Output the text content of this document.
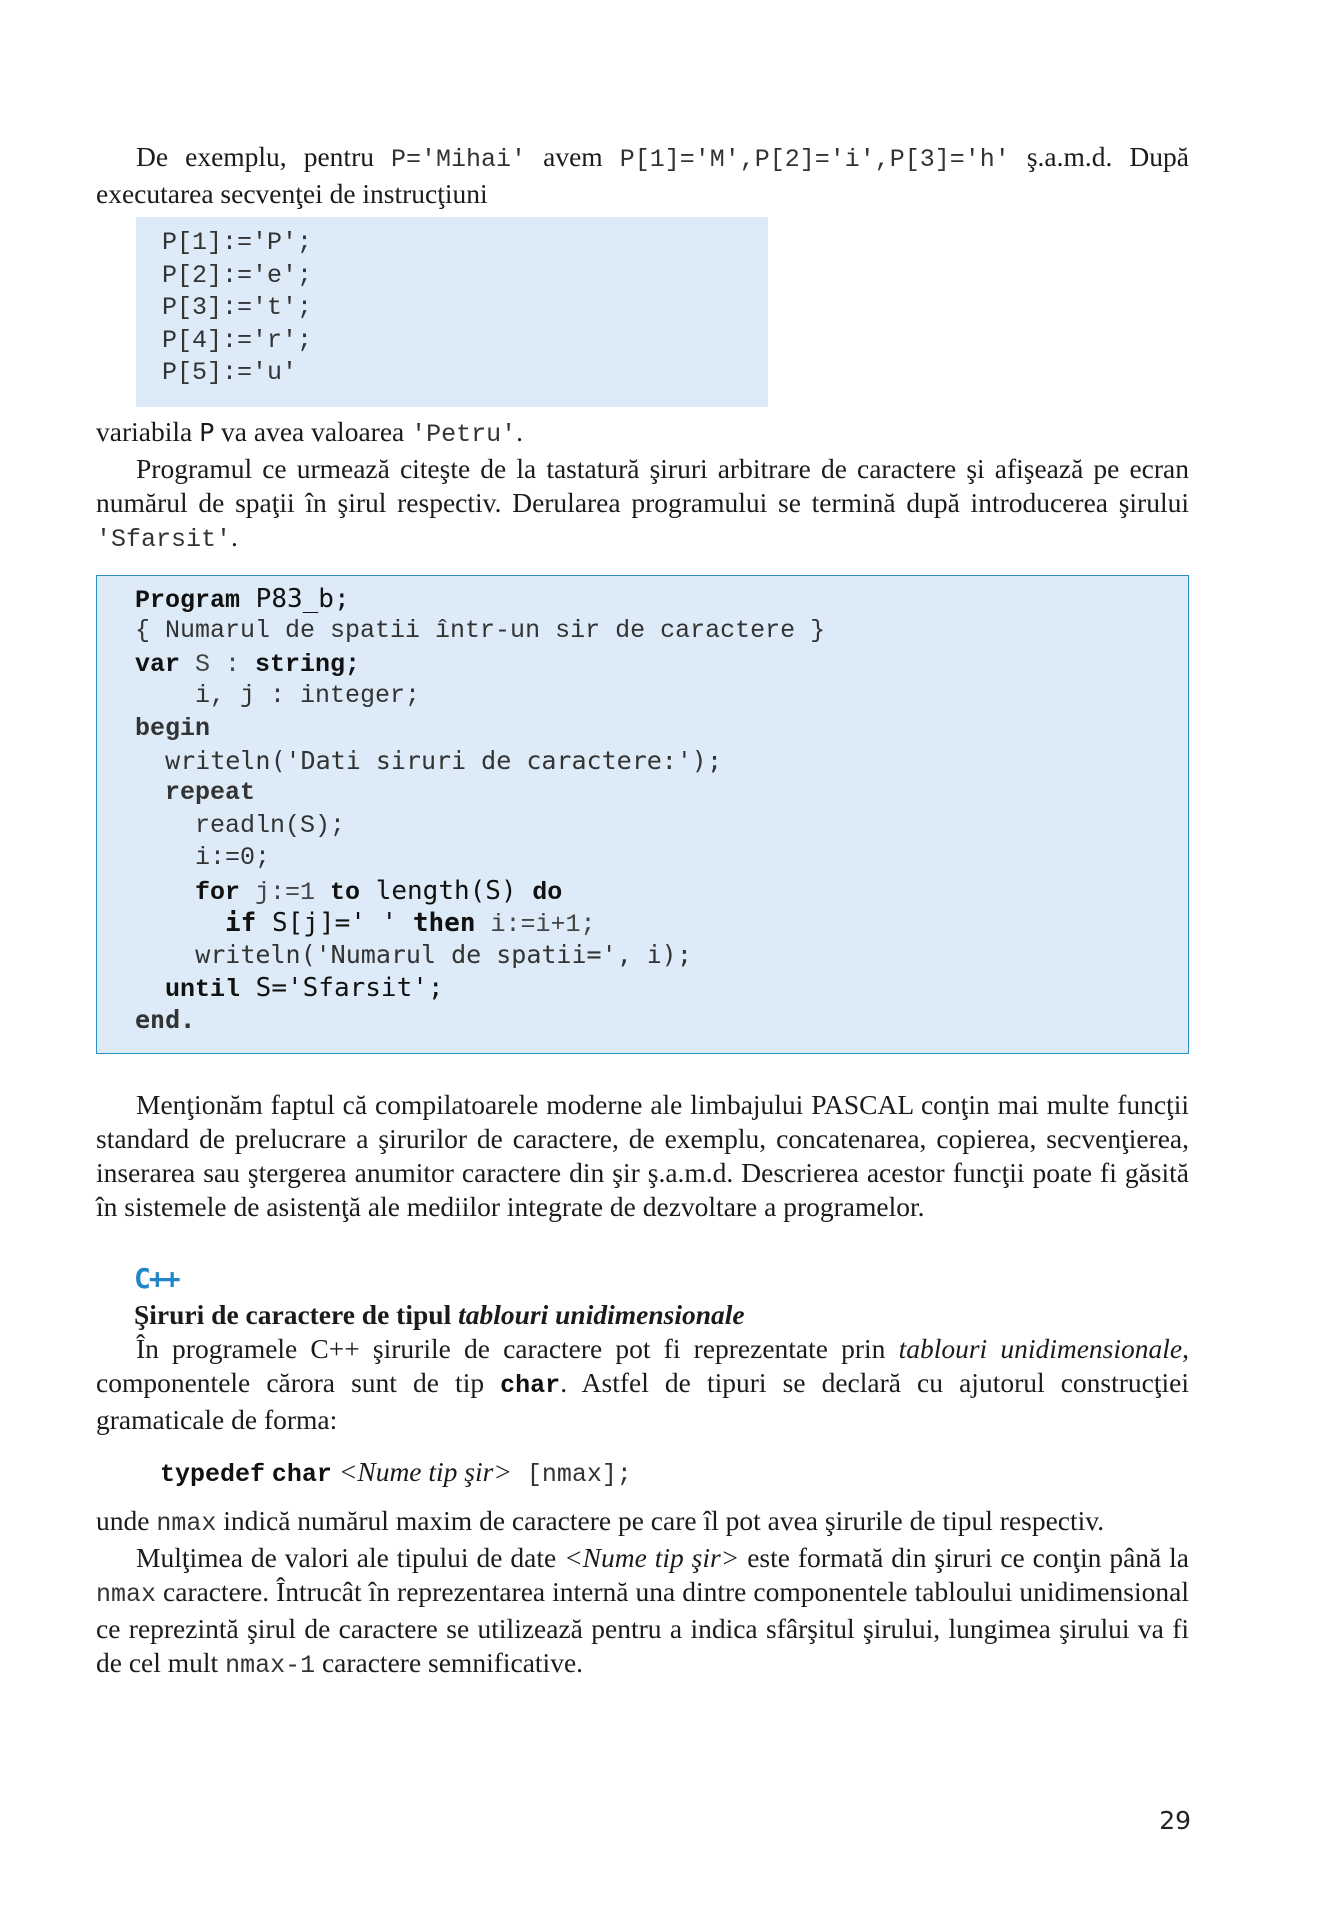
De exemplu, pentru P='Mihai' avem P[1]='M',P[2]='i',P[3]='h' ş.a.m.d. După executarea secvenţei de instrucţiuni

P[1]:='P';
P[2]:='e';
P[3]:='t';
P[4]:='r';
P[5]:='u'

variabila P va avea valoarea 'Petru'.

Programul ce urmează citeşte de la tastatură şiruri arbitrare de caractere şi afişează pe ecran numărul de spaţii în şirul respectiv. Derularea programului se termină după introducerea şirului 'Sfarsit'.

Program P83_b;
{ Numarul de spatii într-un sir de caractere }
var S : string;
i, j : integer;
begin
writeln('Dati siruri de caractere:');
repeat
readln(S);
i:=0;
for j:=1 to length(S) do
if S[j]=' ' then i:=i+1;
writeln('Numarul de spatii=', i);
until S='Sfarsit';
end.

Menţionăm faptul că compilatoarele moderne ale limbajului PASCAL conţin mai multe funcţii standard de prelucrare a şirurilor de caractere, de exemplu, concatenarea, copierea, secvenţierea, inserarea sau ştergerea anumitor caractere din şir ş.a.m.d. Descrierea acestor funcţii poate fi găsită în sistemele de asistenţă ale mediilor integrate de dezvoltare a programelor.

C++
Şiruri de caractere de tipul tablouri unidimensionale

În programele C++ şirurile de caractere pot fi reprezentate prin tablouri unidimensionale, componentele cărora sunt de tip char. Astfel de tipuri se declară cu ajutorul construcţiei gramaticale de forma:

typedef char <Nume tip şir> [nmax];

unde nmax indică numărul maxim de caractere pe care îl pot avea şirurile de tipul respectiv.

Mulţimea de valori ale tipului de date <Nume tip şir> este formată din şiruri ce conţin până la nmax caractere. Întrucât în reprezentarea internă una dintre componentele tabloului unidimensional ce reprezintă şirul de caractere se utilizează pentru a indica sfârşitul şirului, lungimea şirului va fi de cel mult nmax-1 caractere semnificative.

29
